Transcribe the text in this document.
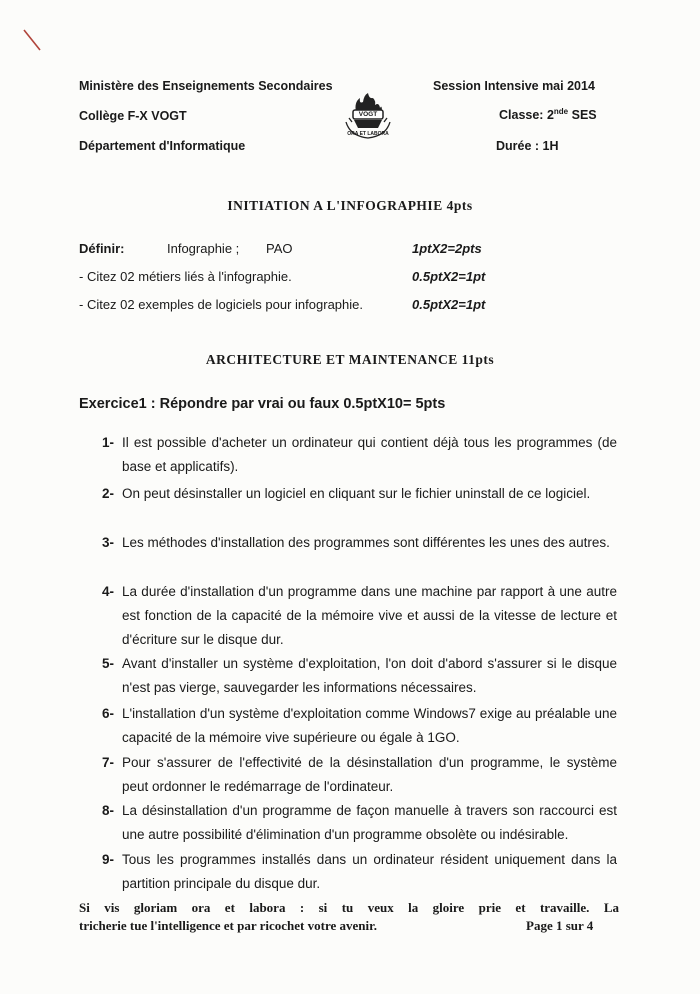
Ministère des Enseignements Secondaires
Collège F-X VOGT
Département d'Informatique
VOGT
ORA ET LABORA
Session Intensive mai 2014
Classe: 2nde SES
Durée : 1H
INITIATION A L'INFOGRAPHIE 4pts
Définir:	Infographie ; PAO	1ptX2=2pts
- Citez 02 métiers liés à l'infographie.	0.5ptX2=1pt
- Citez 02 exemples de logiciels pour infographie.	0.5ptX2=1pt
ARCHITECTURE ET MAINTENANCE 11pts
Exercice1 : Répondre par vrai ou faux 0.5ptX10= 5pts
1- Il est possible d'acheter un ordinateur qui contient déjà tous les programmes (de base et applicatifs).
2- On peut désinstaller un logiciel en cliquant sur le fichier uninstall de ce logiciel.
3- Les méthodes d'installation des programmes sont différentes les unes des autres.
4- La durée d'installation d'un programme dans une machine par rapport à une autre est fonction de la capacité de la mémoire vive et aussi de la vitesse de lecture et d'écriture sur le disque dur.
5- Avant d'installer un système d'exploitation, l'on doit d'abord s'assurer si le disque n'est pas vierge, sauvegarder les informations nécessaires.
6- L'installation d'un système d'exploitation comme Windows7 exige au préalable une capacité de la mémoire vive supérieure ou égale à 1GO.
7- Pour s'assurer de l'effectivité de la désinstallation d'un programme, le système peut ordonner le redémarrage de l'ordinateur.
8- La désinstallation d'un programme de façon manuelle à travers son raccourci est une autre possibilité d'élimination d'un programme obsolète ou indésirable.
9- Tous les programmes installés dans un ordinateur résident uniquement dans la partition principale du disque dur.
Si vis gloriam ora et labora : si tu veux la gloire prie et travaille. La
tricherie tue l'intelligence et par ricochet votre avenir.	Page 1 sur 4
